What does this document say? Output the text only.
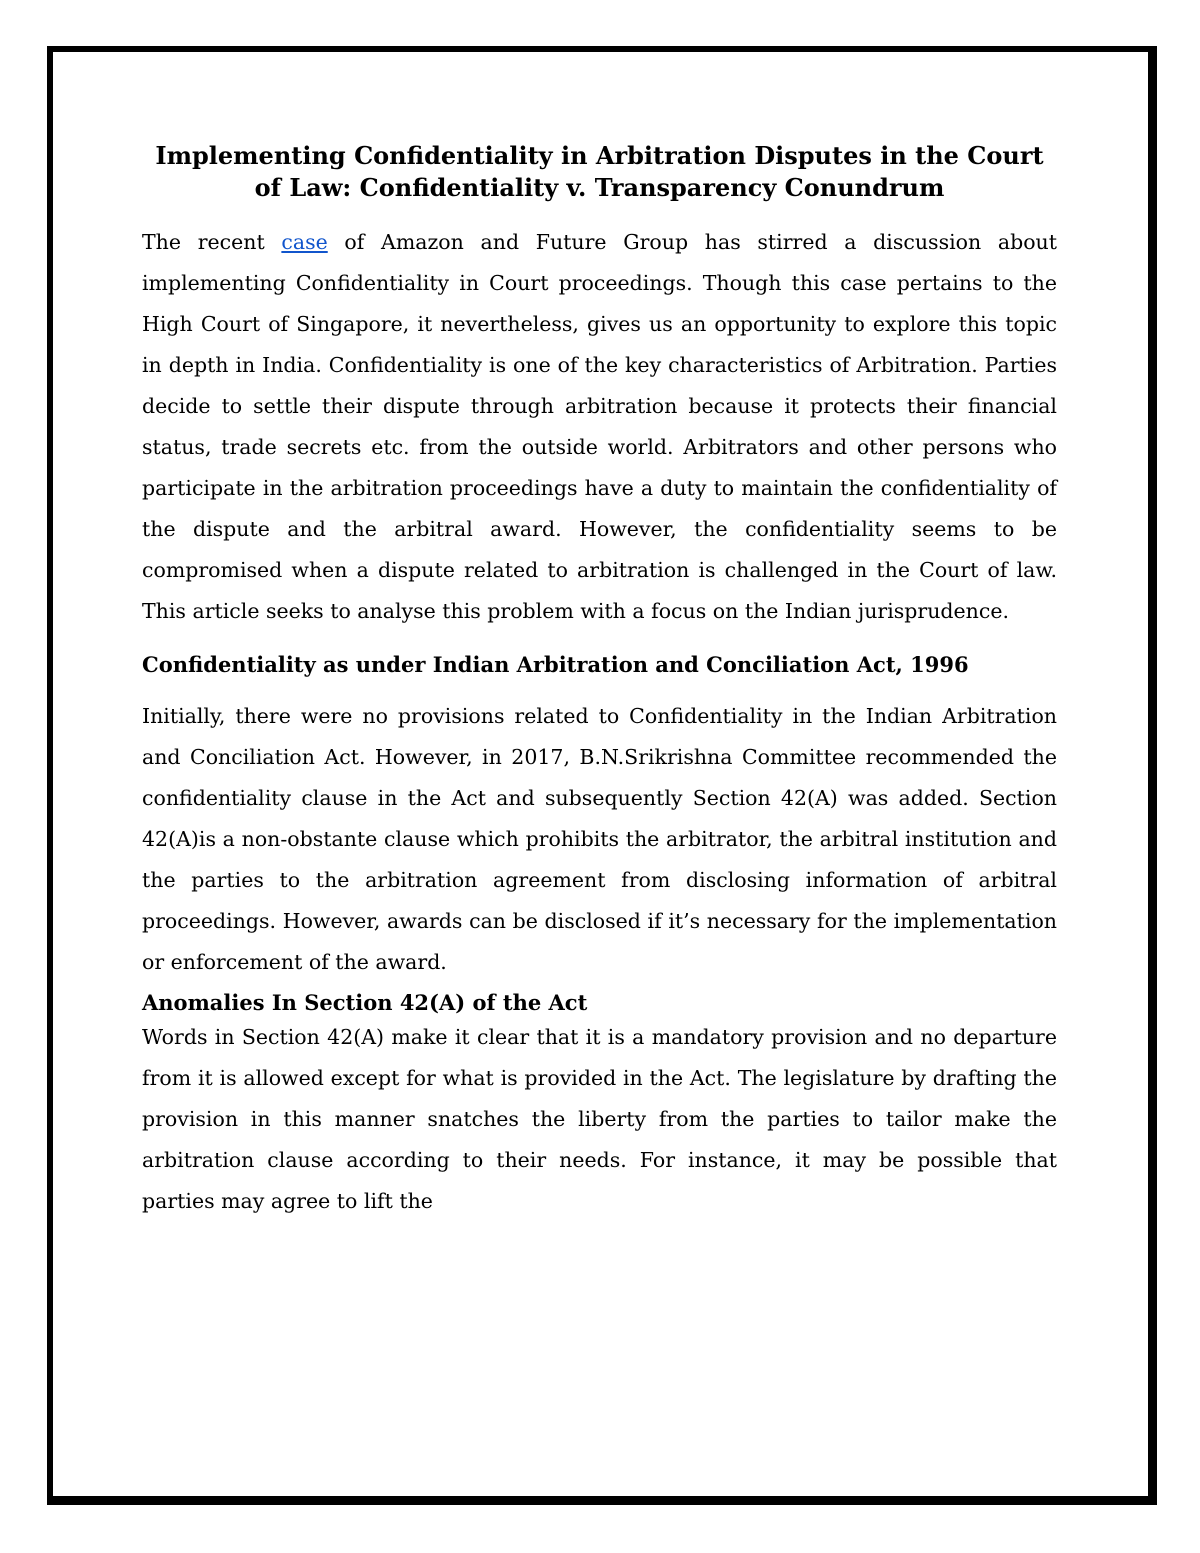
Implementing Confidentiality in Arbitration Disputes in the Court of Law: Confidentiality v. Transparency Conundrum

The recent case of Amazon and Future Group has stirred a discussion about implementing Confidentiality in Court proceedings. Though this case pertains to the High Court of Singapore, it nevertheless, gives us an opportunity to explore this topic in depth in India. Confidentiality is one of the key characteristics of Arbitration. Parties decide to settle their dispute through arbitration because it protects their financial status, trade secrets etc. from the outside world. Arbitrators and other persons who participate in the arbitration proceedings have a duty to maintain the confidentiality of the dispute and the arbitral award. However, the confidentiality seems to be compromised when a dispute related to arbitration is challenged in the Court of law. This article seeks to analyse this problem with a focus on the Indian jurisprudence.

Confidentiality as under Indian Arbitration and Conciliation Act, 1996

Initially, there were no provisions related to Confidentiality in the Indian Arbitration and Conciliation Act. However, in 2017, B.N.Srikrishna Committee recommended the confidentiality clause in the Act and subsequently Section 42(A) was added. Section 42(A)is a non-obstante clause which prohibits the arbitrator, the arbitral institution and the parties to the arbitration agreement from disclosing information of arbitral proceedings. However, awards can be disclosed if it’s necessary for the implementation or enforcement of the award.

Anomalies In Section 42(A) of the Act

Words in Section 42(A) make it clear that it is a mandatory provision and no departure from it is allowed except for what is provided in the Act. The legislature by drafting the provision in this manner snatches the liberty from the parties to tailor make the arbitration clause according to their needs. For instance, it may be possible that parties may agree to lift the
